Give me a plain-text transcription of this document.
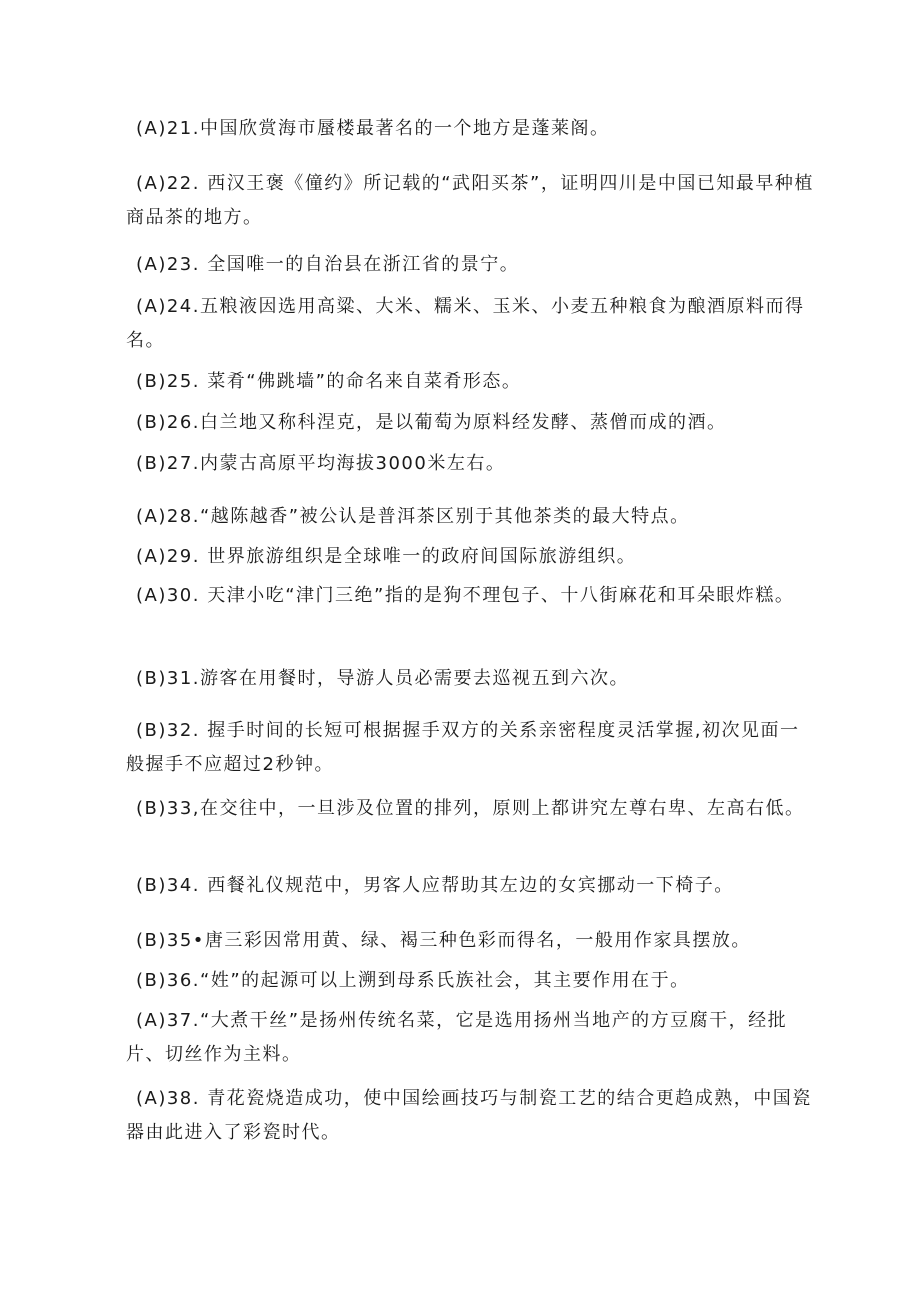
(A)21.中国欣赏海市蜃楼最著名的一个地方是蓬莱阁。

(A)22. 西汉王褒《僮约》所记载的“武阳买茶”，证明四川是中国已知最早种植商品茶的地方。

(A)23. 全国唯一的自治县在浙江省的景宁。

(A)24.五粮液因选用高粱、大米、糯米、玉米、小麦五种粮食为酿酒原料而得名。

(B)25. 菜肴“佛跳墙”的命名来自菜肴形态。

(B)26.白兰地又称科涅克，是以葡萄为原料经发酵、蒸僧而成的酒。

(B)27.内蒙古高原平均海拔3000米左右。

(A)28.“越陈越香”被公认是普洱茶区别于其他茶类的最大特点。

(A)29. 世界旅游组织是全球唯一的政府间国际旅游组织。

(A)30. 天津小吃“津门三绝”指的是狗不理包子、十八街麻花和耳朵眼炸糕。

(B)31.游客在用餐时，导游人员必需要去巡视五到六次。

(B)32. 握手时间的长短可根据握手双方的关系亲密程度灵活掌握,初次见面一般握手不应超过2秒钟。

(B)33,在交往中，一旦涉及位置的排列，原则上都讲究左尊右卑、左高右低。

(B)34. 西餐礼仪规范中，男客人应帮助其左边的女宾挪动一下椅子。

(B)35•唐三彩因常用黄、绿、褐三种色彩而得名，一般用作家具摆放。

(B)36.“姓”的起源可以上溯到母系氏族社会，其主要作用在于。

(A)37.“大煮干丝”是扬州传统名菜，它是选用扬州当地产的方豆腐干，经批片、切丝作为主料。

(A)38. 青花瓷烧造成功，使中国绘画技巧与制瓷工艺的结合更趋成熟，中国瓷器由此进入了彩瓷时代。
